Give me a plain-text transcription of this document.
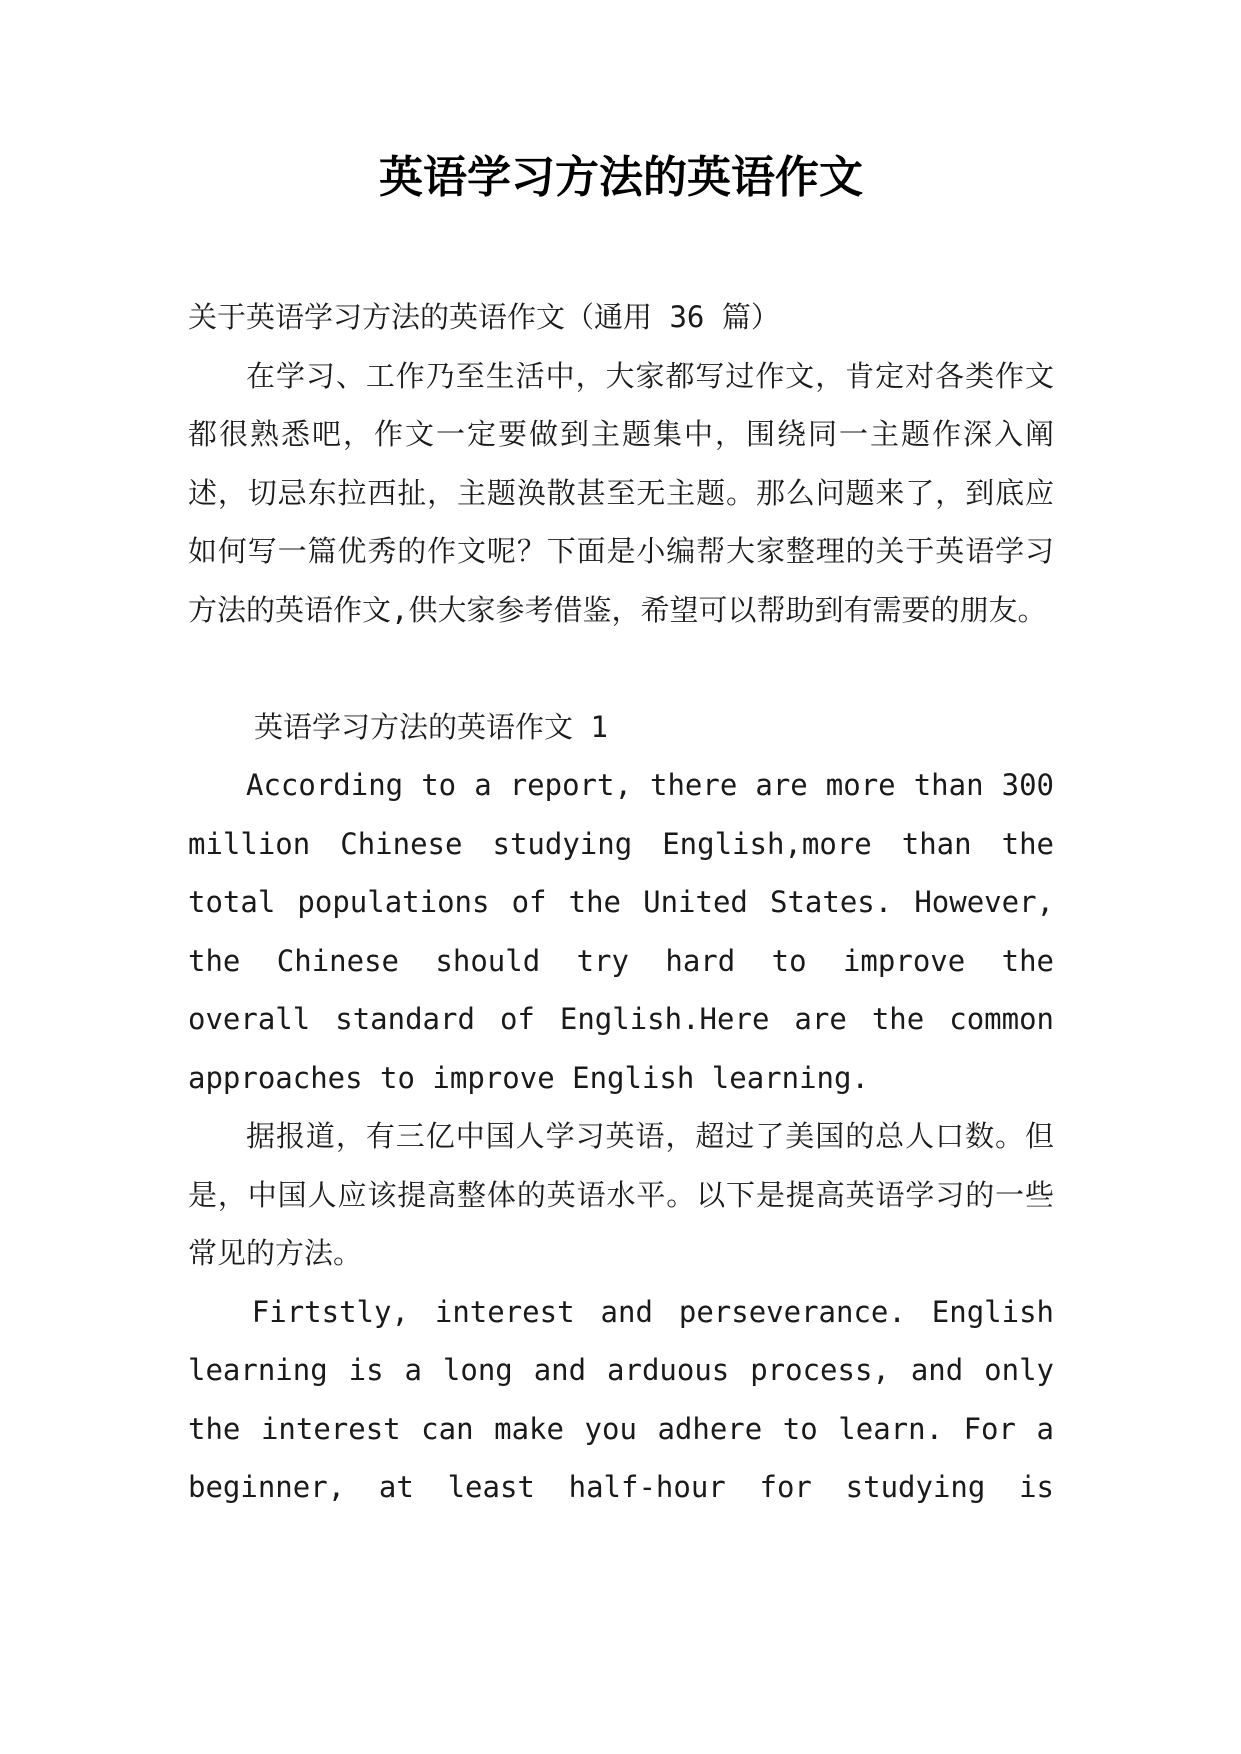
英语学习方法的英语作文

关于英语学习方法的英语作文（通用 36 篇）

在学习、工作乃至生活中，大家都写过作文，肯定对各类作文都很熟悉吧，作文一定要做到主题集中，围绕同一主题作深入阐述，切忌东拉西扯，主题涣散甚至无主题。那么问题来了，到底应如何写一篇优秀的作文呢？下面是小编帮大家整理的关于英语学习方法的英语作文,供大家参考借鉴，希望可以帮助到有需要的朋友。

英语学习方法的英语作文 1

According to a report, there are more than 300 million Chinese studying English,more than the total populations of the United States. However, the Chinese should try hard to improve the overall standard of English.Here are the common approaches to improve English learning.

据报道，有三亿中国人学习英语，超过了美国的总人口数。但是，中国人应该提高整体的英语水平。以下是提高英语学习的一些常见的方法。

Firtstly, interest and perseverance. English learning is a long and arduous process, and only the interest can make you adhere to learn. For a beginner, at least half-hour for studying is
